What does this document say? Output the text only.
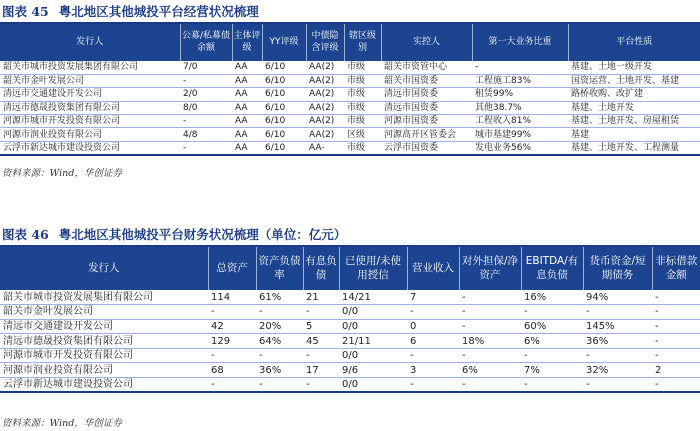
图表 45 粤北地区其他城投平台经营状况梳理
发行人	公募/私募债余额	主体评级	YY评级	中债隐含评级	辖区级别	实控人	第一大业务比重	平台性质
韶关市城市投资发展集团有限公司	7/0	AA	6/10	AA(2)	市级	韶关市资管中心	-	基建、土地一级开发
韶关市金叶发展公司	-	AA	6/10	AA(2)	市级	韶关市国资委	工程施工83%	国资运营、土地开发、基建
清远市交通建设开发公司	2/0	AA	6/10	AA(2)	市级	清远市国资委	租赁99%	路桥收购、改扩建
清远市德晟投资集团有限公司	8/0	AA	6/10	AA(2)	市级	清远市国资委	其他38.7%	基建、土地开发
河源市城市开发投资有限公司	-	AA	6/10	AA(2)	市级	河源市国资委	工程收入81%	基建、土地开发、房屋租赁
河源市润业投资有限公司	4/8	AA	6/10	AA(2)	区级	河源高开区管委会	城市基建99%	基建
云浮市新达城市建设投资公司	-	AA	6/10	AA-	市级	云浮市国资委	发电业务56%	基建、土地开发、工程测量
资料来源：Wind，华创证券
图表 46 粤北地区其他城投平台财务状况梳理（单位：亿元）
发行人	总资产	资产负债率	有息负债	已使用/未使用授信	营业收入	对外担保/净资产	EBITDA/有息负债	货币资金/短期债务	非标借款金额
韶关市城市投资发展集团有限公司	114	61%	21	14/21	7	-	16%	94%	-
韶关市金叶发展公司	-	-	-	0/0	-	-	-	-	-
清远市交通建设开发公司	42	20%	5	0/0	0	-	60%	145%	-
清远市德晟投资集团有限公司	129	64%	45	21/11	6	18%	6%	36%	-
河源市城市开发投资有限公司	-	-	-	0/0	-	-	-	-	-
河源市润业投资有限公司	68	36%	17	9/6	3	6%	7%	32%	2
云浮市新达城市建设投资公司	-	-	-	0/0	-	-	-	-	-
资料来源：Wind，华创证券
